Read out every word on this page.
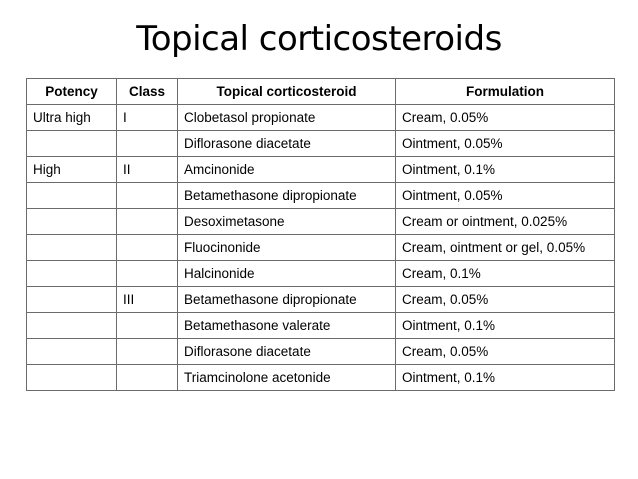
Topical corticosteroids
Potency	Class	Topical corticosteroid	Formulation
Ultra high	I	Clobetasol propionate	Cream, 0.05%
		Diflorasone diacetate	Ointment, 0.05%
High	II	Amcinonide	Ointment, 0.1%
		Betamethasone dipropionate	Ointment, 0.05%
		Desoximetasone	Cream or ointment, 0.025%
		Fluocinonide	Cream, ointment or gel, 0.05%
		Halcinonide	Cream, 0.1%
	III	Betamethasone dipropionate	Cream, 0.05%
		Betamethasone valerate	Ointment, 0.1%
		Diflorasone diacetate	Cream, 0.05%
		Triamcinolone acetonide	Ointment, 0.1%
